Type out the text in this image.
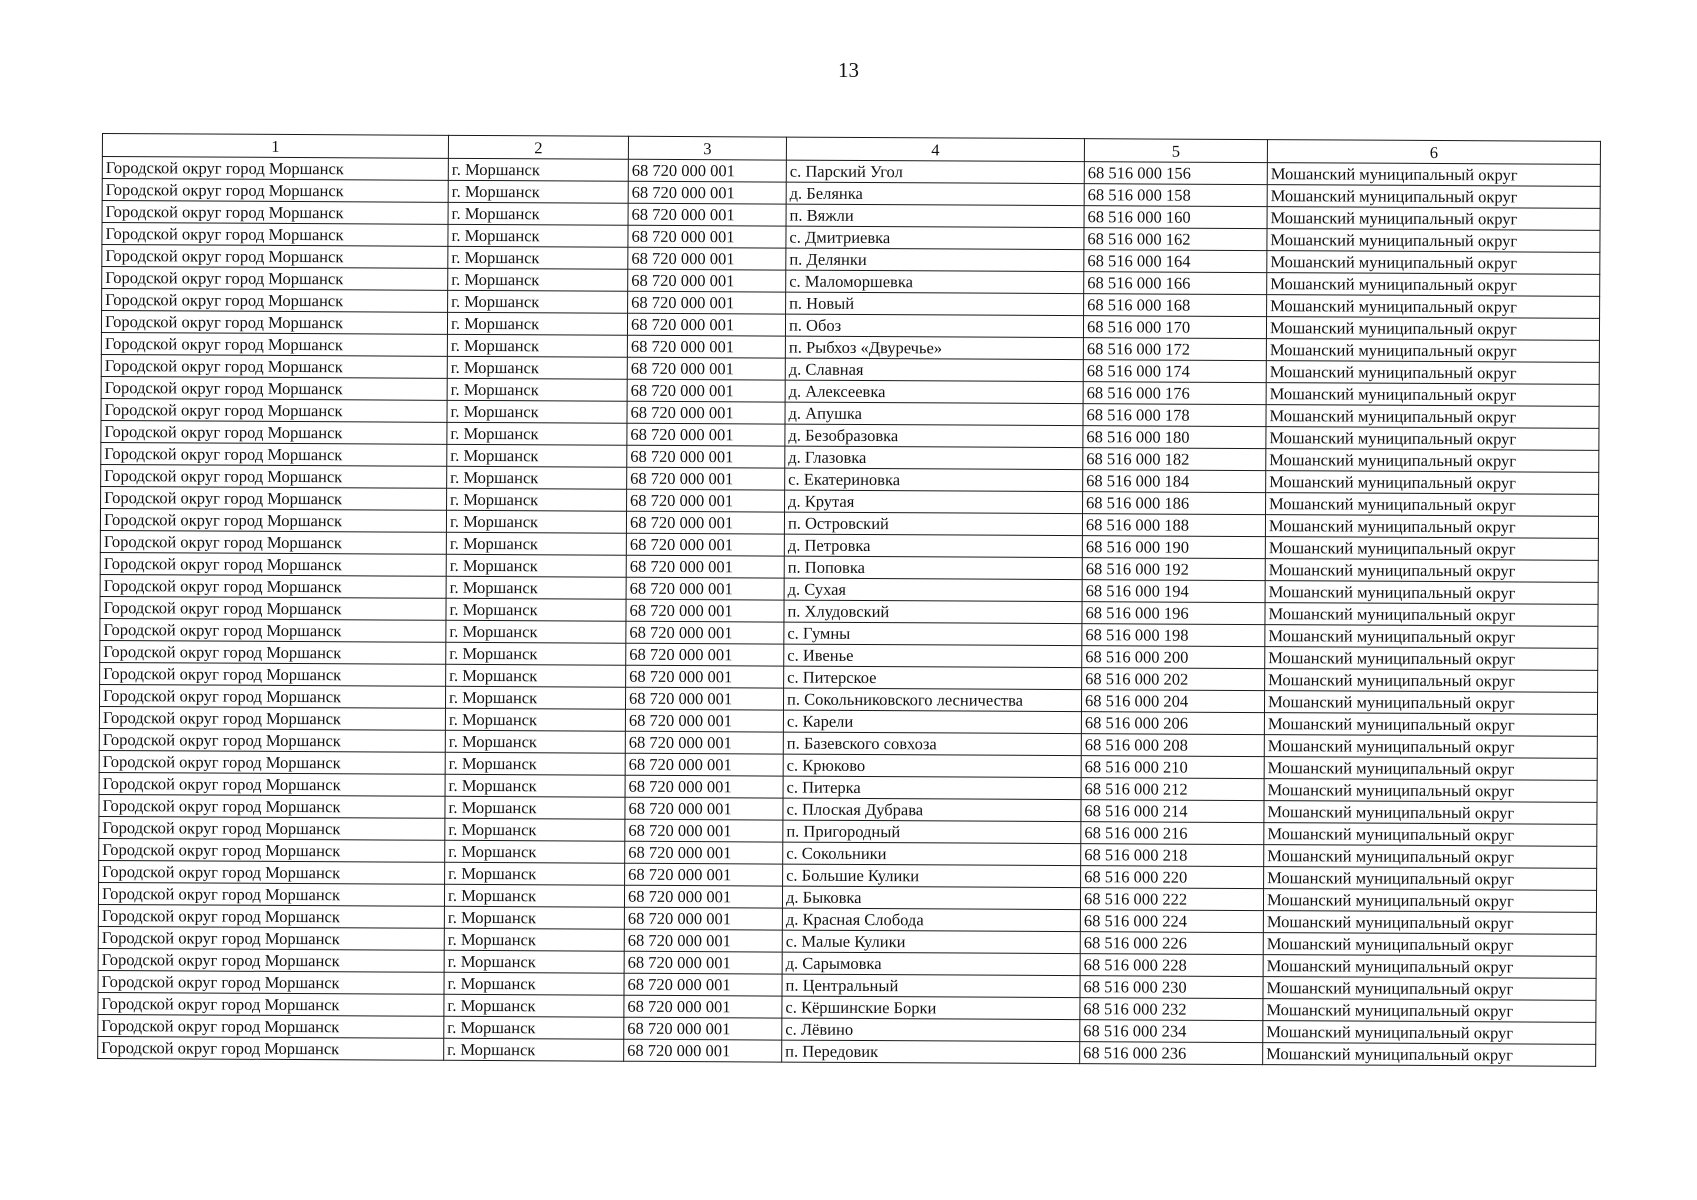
13
1	2	3	4	5	6
Городской округ город Моршанск	г. Моршанск	68 720 000 001	с. Парский Угол	68 516 000 156	Мошанский муниципальный округ
Городской округ город Моршанск	г. Моршанск	68 720 000 001	д. Белянка	68 516 000 158	Мошанский муниципальный округ
Городской округ город Моршанск	г. Моршанск	68 720 000 001	п. Вяжли	68 516 000 160	Мошанский муниципальный округ
Городской округ город Моршанск	г. Моршанск	68 720 000 001	с. Дмитриевка	68 516 000 162	Мошанский муниципальный округ
Городской округ город Моршанск	г. Моршанск	68 720 000 001	п. Делянки	68 516 000 164	Мошанский муниципальный округ
Городской округ город Моршанск	г. Моршанск	68 720 000 001	с. Маломоршевка	68 516 000 166	Мошанский муниципальный округ
Городской округ город Моршанск	г. Моршанск	68 720 000 001	п. Новый	68 516 000 168	Мошанский муниципальный округ
Городской округ город Моршанск	г. Моршанск	68 720 000 001	п. Обоз	68 516 000 170	Мошанский муниципальный округ
Городской округ город Моршанск	г. Моршанск	68 720 000 001	п. Рыбхоз «Двуречье»	68 516 000 172	Мошанский муниципальный округ
Городской округ город Моршанск	г. Моршанск	68 720 000 001	д. Славная	68 516 000 174	Мошанский муниципальный округ
Городской округ город Моршанск	г. Моршанск	68 720 000 001	д. Алексеевка	68 516 000 176	Мошанский муниципальный округ
Городской округ город Моршанск	г. Моршанск	68 720 000 001	д. Апушка	68 516 000 178	Мошанский муниципальный округ
Городской округ город Моршанск	г. Моршанск	68 720 000 001	д. Безобразовка	68 516 000 180	Мошанский муниципальный округ
Городской округ город Моршанск	г. Моршанск	68 720 000 001	д. Глазовка	68 516 000 182	Мошанский муниципальный округ
Городской округ город Моршанск	г. Моршанск	68 720 000 001	с. Екатериновка	68 516 000 184	Мошанский муниципальный округ
Городской округ город Моршанск	г. Моршанск	68 720 000 001	д. Крутая	68 516 000 186	Мошанский муниципальный округ
Городской округ город Моршанск	г. Моршанск	68 720 000 001	п. Островский	68 516 000 188	Мошанский муниципальный округ
Городской округ город Моршанск	г. Моршанск	68 720 000 001	д. Петровка	68 516 000 190	Мошанский муниципальный округ
Городской округ город Моршанск	г. Моршанск	68 720 000 001	п. Поповка	68 516 000 192	Мошанский муниципальный округ
Городской округ город Моршанск	г. Моршанск	68 720 000 001	д. Сухая	68 516 000 194	Мошанский муниципальный округ
Городской округ город Моршанск	г. Моршанск	68 720 000 001	п. Хлудовский	68 516 000 196	Мошанский муниципальный округ
Городской округ город Моршанск	г. Моршанск	68 720 000 001	с. Гумны	68 516 000 198	Мошанский муниципальный округ
Городской округ город Моршанск	г. Моршанск	68 720 000 001	с. Ивенье	68 516 000 200	Мошанский муниципальный округ
Городской округ город Моршанск	г. Моршанск	68 720 000 001	с. Питерское	68 516 000 202	Мошанский муниципальный округ
Городской округ город Моршанск	г. Моршанск	68 720 000 001	п. Сокольниковского лесничества	68 516 000 204	Мошанский муниципальный округ
Городской округ город Моршанск	г. Моршанск	68 720 000 001	с. Карели	68 516 000 206	Мошанский муниципальный округ
Городской округ город Моршанск	г. Моршанск	68 720 000 001	п. Базевского совхоза	68 516 000 208	Мошанский муниципальный округ
Городской округ город Моршанск	г. Моршанск	68 720 000 001	с. Крюково	68 516 000 210	Мошанский муниципальный округ
Городской округ город Моршанск	г. Моршанск	68 720 000 001	с. Питерка	68 516 000 212	Мошанский муниципальный округ
Городской округ город Моршанск	г. Моршанск	68 720 000 001	с. Плоская Дубрава	68 516 000 214	Мошанский муниципальный округ
Городской округ город Моршанск	г. Моршанск	68 720 000 001	п. Пригородный	68 516 000 216	Мошанский муниципальный округ
Городской округ город Моршанск	г. Моршанск	68 720 000 001	с. Сокольники	68 516 000 218	Мошанский муниципальный округ
Городской округ город Моршанск	г. Моршанск	68 720 000 001	с. Большие Кулики	68 516 000 220	Мошанский муниципальный округ
Городской округ город Моршанск	г. Моршанск	68 720 000 001	д. Быковка	68 516 000 222	Мошанский муниципальный округ
Городской округ город Моршанск	г. Моршанск	68 720 000 001	д. Красная Слобода	68 516 000 224	Мошанский муниципальный округ
Городской округ город Моршанск	г. Моршанск	68 720 000 001	с. Малые Кулики	68 516 000 226	Мошанский муниципальный округ
Городской округ город Моршанск	г. Моршанск	68 720 000 001	д. Сарымовка	68 516 000 228	Мошанский муниципальный округ
Городской округ город Моршанск	г. Моршанск	68 720 000 001	п. Центральный	68 516 000 230	Мошанский муниципальный округ
Городской округ город Моршанск	г. Моршанск	68 720 000 001	с. Кёршинские Борки	68 516 000 232	Мошанский муниципальный округ
Городской округ город Моршанск	г. Моршанск	68 720 000 001	с. Лёвино	68 516 000 234	Мошанский муниципальный округ
Городской округ город Моршанск	г. Моршанск	68 720 000 001	п. Передовик	68 516 000 236	Мошанский муниципальный округ
